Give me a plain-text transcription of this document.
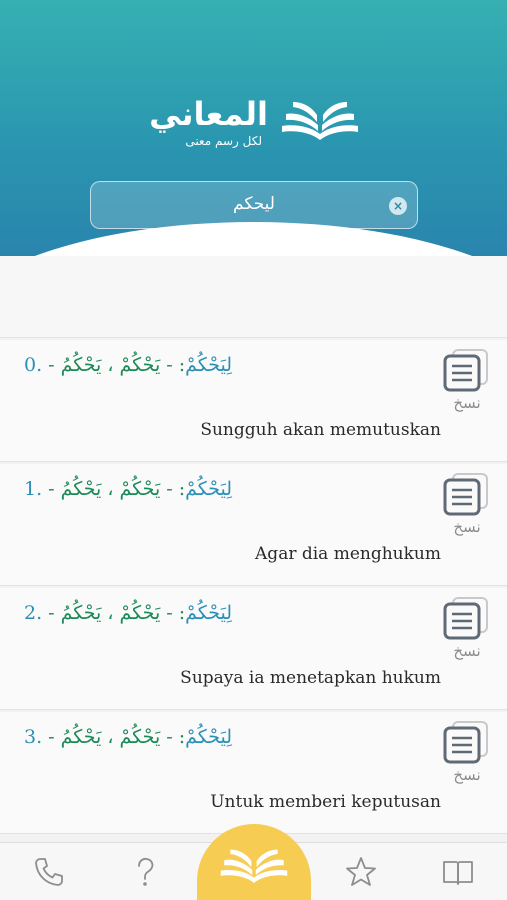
المعاني
لكل رسم معنى
ليحكم	×
لِيَحْكُمْ: - يَحْكُمْ ، يَحْكُمُ - .0
نسخ
Sungguh akan memutuskan
لِيَحْكُمْ: - يَحْكُمْ ، يَحْكُمُ - .1
نسخ
Agar dia menghukum
لِيَحْكُمْ: - يَحْكُمْ ، يَحْكُمُ - .2
نسخ
Supaya ia menetapkan hukum
لِيَحْكُمْ: - يَحْكُمْ ، يَحْكُمُ - .3
نسخ
Untuk memberi keputusan
